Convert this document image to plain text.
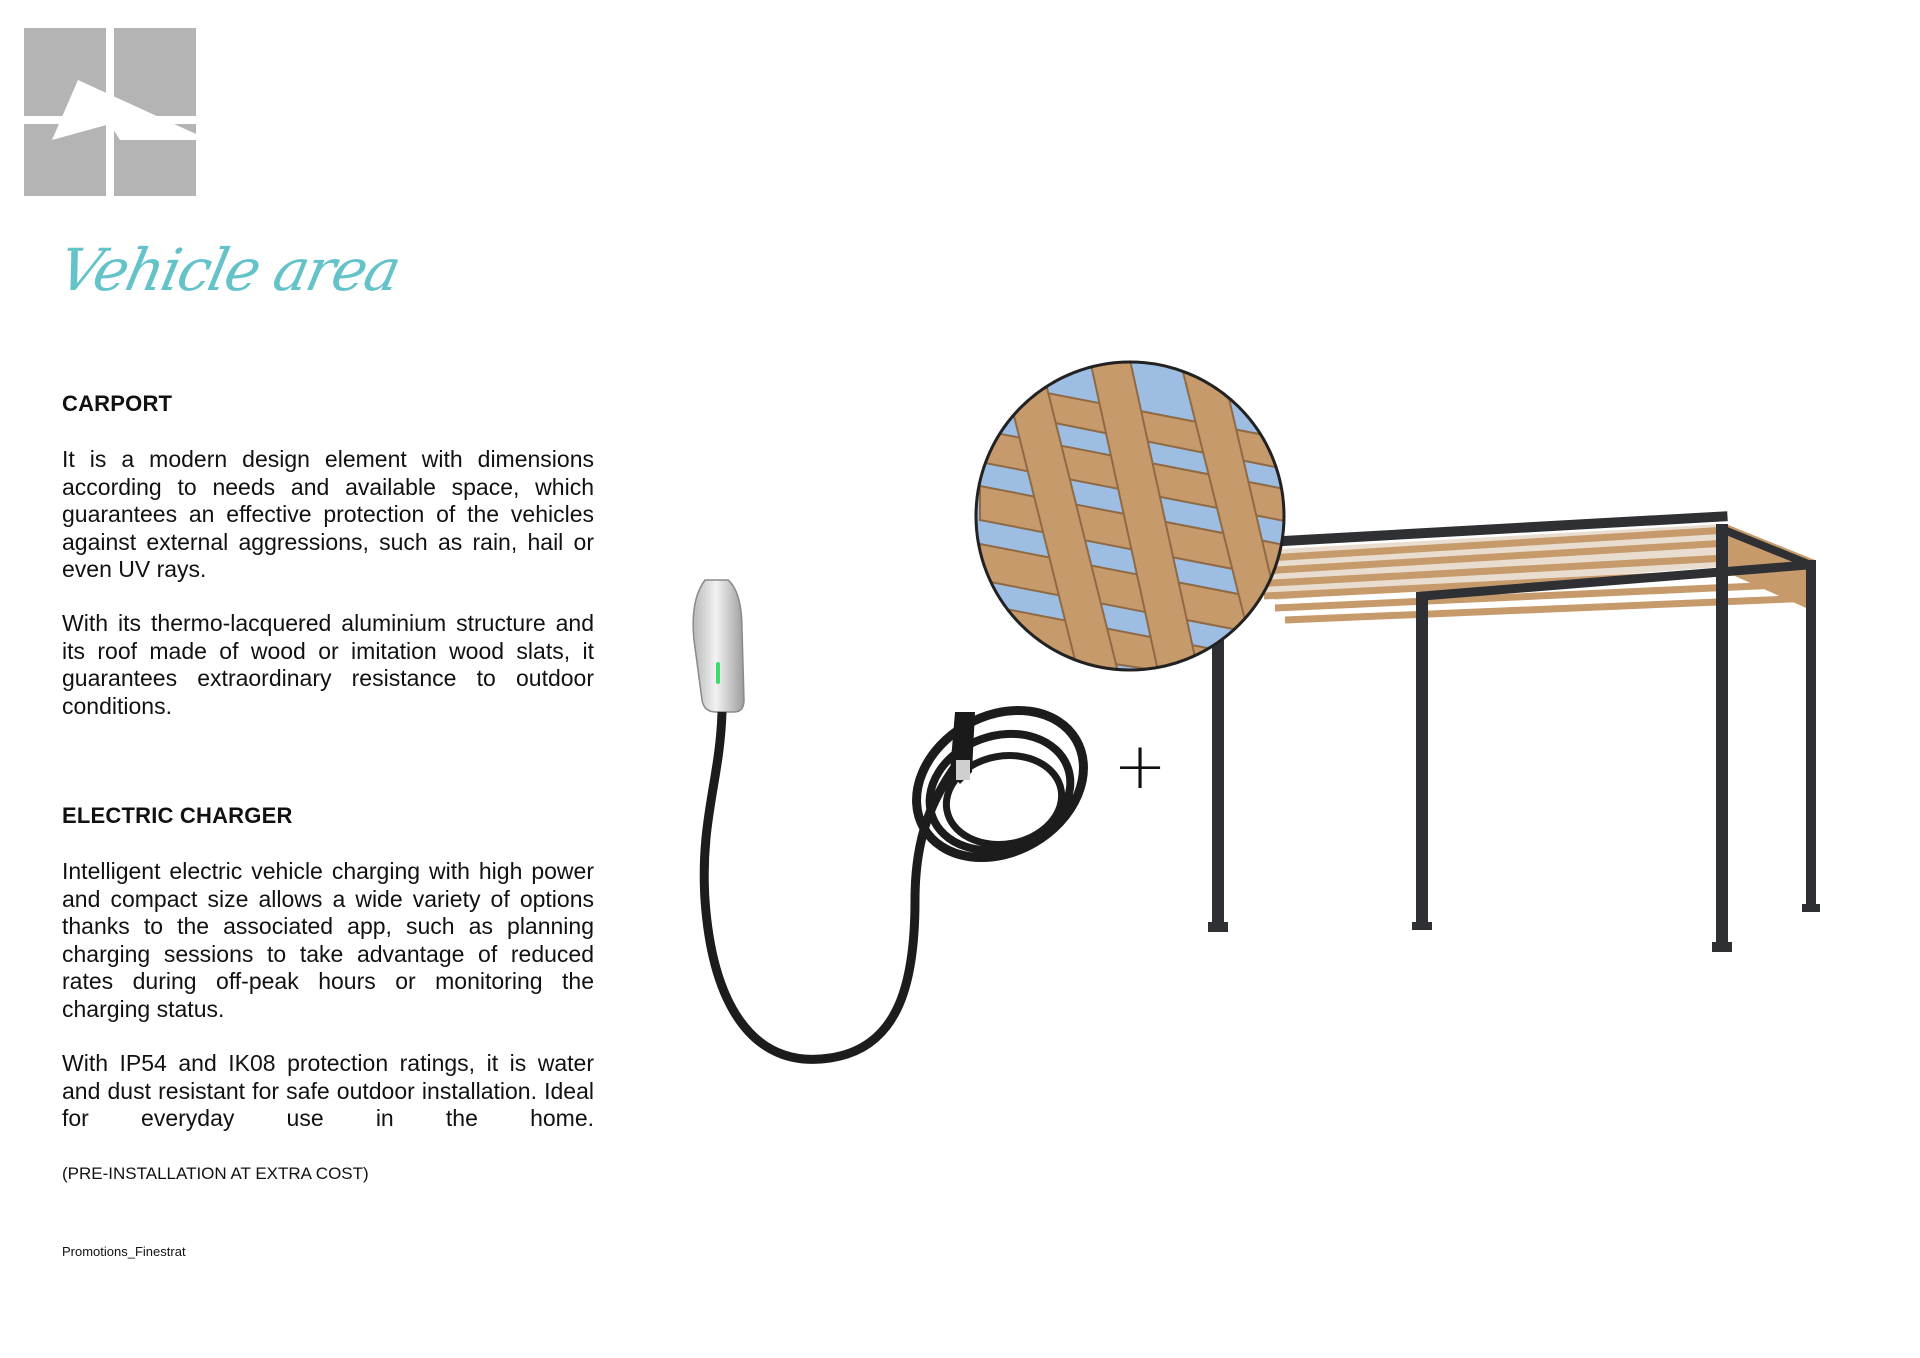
Vehicle area
CARPORT

It is a modern design element with dimensions according to needs and available space, which guarantees an effective protection of the vehicles against external aggressions, such as rain, hail or even UV rays.

With its thermo-lacquered aluminium structure and its roof made of wood or imitation wood slats, it guarantees extraordinary resistance to outdoor conditions.

ELECTRIC CHARGER

Intelligent electric vehicle charging with high power and compact size allows a wide variety of options thanks to the associated app, such as planning charging sessions to take advantage of reduced rates during off-peak hours or monitoring the charging status.

With IP54 and IK08 protection ratings, it is water and dust resistant for safe outdoor installation. Ideal for everyday use in the home.

(PRE-INSTALLATION AT EXTRA COST)
Promotions_Finestrat
+
